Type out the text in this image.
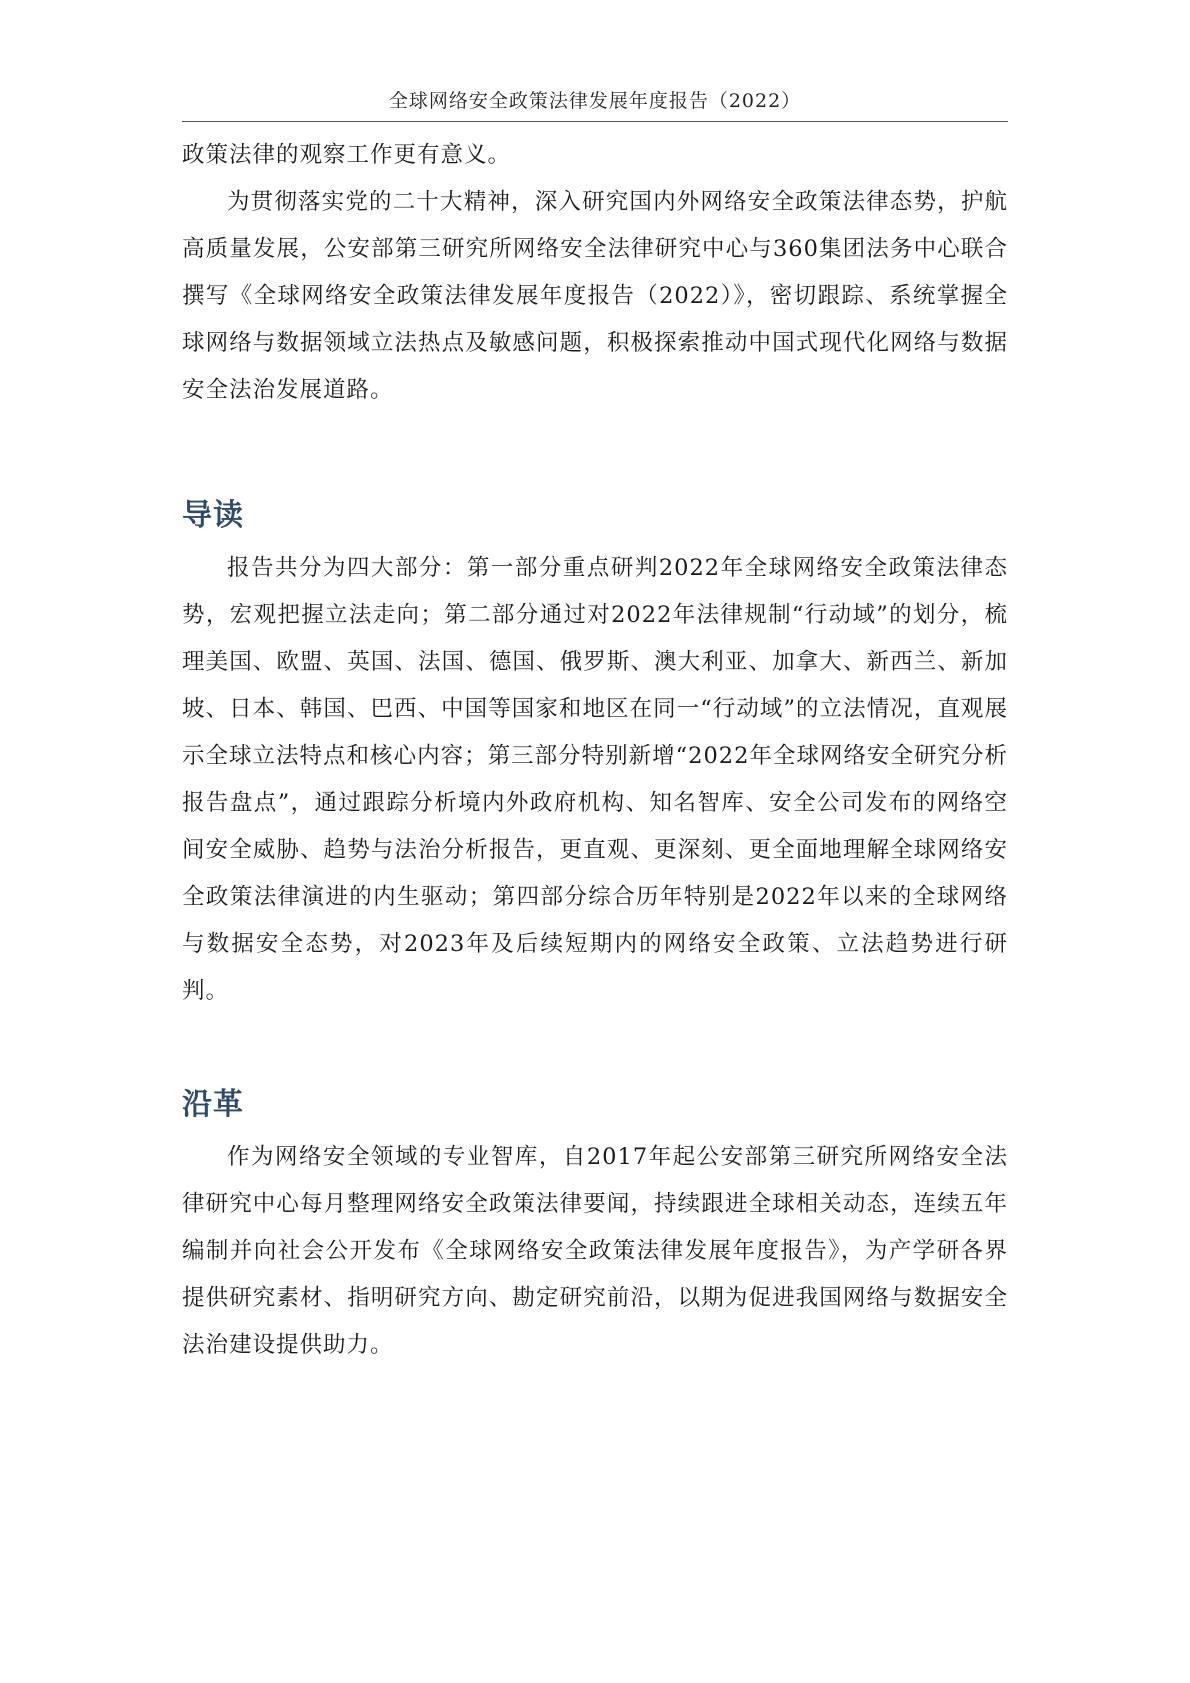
全球网络安全政策法律发展年度报告（2022）

政策法律的观察工作更有意义。

为贯彻落实党的二十大精神，深入研究国内外网络安全政策法律态势，护航高质量发展，公安部第三研究所网络安全法律研究中心与360集团法务中心联合撰写《全球网络安全政策法律发展年度报告（2022）》，密切跟踪、系统掌握全球网络与数据领域立法热点及敏感问题，积极探索推动中国式现代化网络与数据安全法治发展道路。

导读

报告共分为四大部分：第一部分重点研判2022年全球网络安全政策法律态势，宏观把握立法走向；第二部分通过对2022年法律规制“行动域”的划分，梳理美国、欧盟、英国、法国、德国、俄罗斯、澳大利亚、加拿大、新西兰、新加坡、日本、韩国、巴西、中国等国家和地区在同一“行动域”的立法情况，直观展示全球立法特点和核心内容；第三部分特别新增“2022年全球网络安全研究分析报告盘点”，通过跟踪分析境内外政府机构、知名智库、安全公司发布的网络空间安全威胁、趋势与法治分析报告，更直观、更深刻、更全面地理解全球网络安全政策法律演进的内生驱动；第四部分综合历年特别是2022年以来的全球网络与数据安全态势，对2023年及后续短期内的网络安全政策、立法趋势进行研判。

沿革

作为网络安全领域的专业智库，自2017年起公安部第三研究所网络安全法律研究中心每月整理网络安全政策法律要闻，持续跟进全球相关动态，连续五年编制并向社会公开发布《全球网络安全政策法律发展年度报告》，为产学研各界提供研究素材、指明研究方向、勘定研究前沿，以期为促进我国网络与数据安全法治建设提供助力。
